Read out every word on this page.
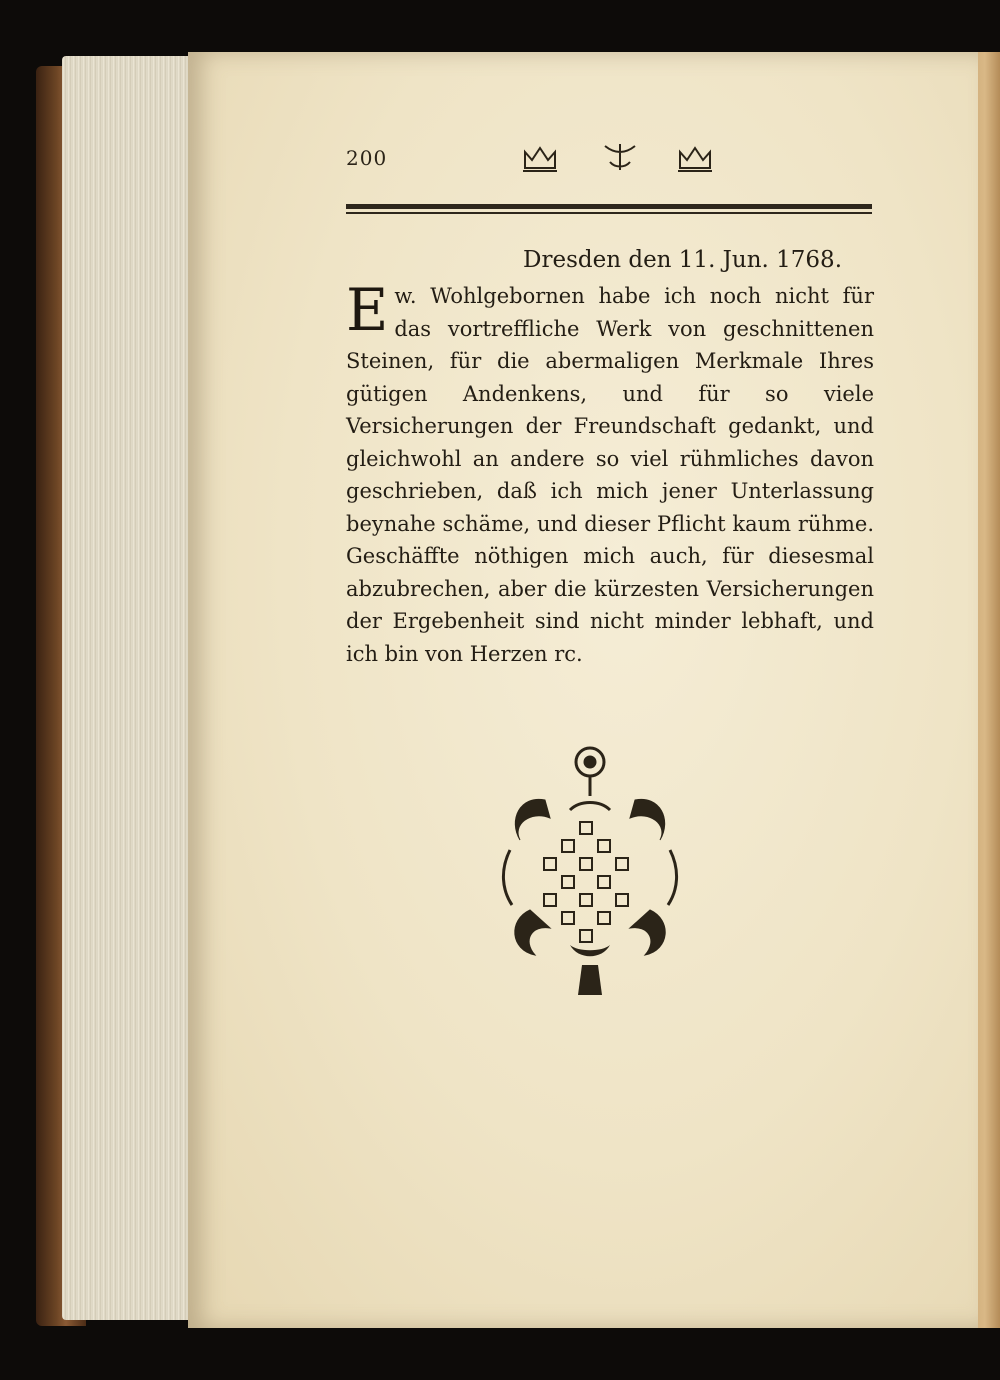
200
Dresden den 11. Jun. 1768.
E w. Wohlgebornen habe ich noch nicht für das vortreffliche Werk von geschnittenen Steinen, für die abermaligen Merkmale Ihres gütigen Andenkens, und für so viele Versicherungen der Freundschaft gedankt, und gleichwohl an andere so viel rühmliches davon geschrieben, daß ich mich jener Unterlassung beynahe schäme, und dieser Pflicht kaum rühme. Geschäffte nöthigen mich auch, für diesesmal abzubrechen, aber die kürzesten Versicherungen der Ergebenheit sind nicht minder lebhaft, und ich bin von Herzen rc.
